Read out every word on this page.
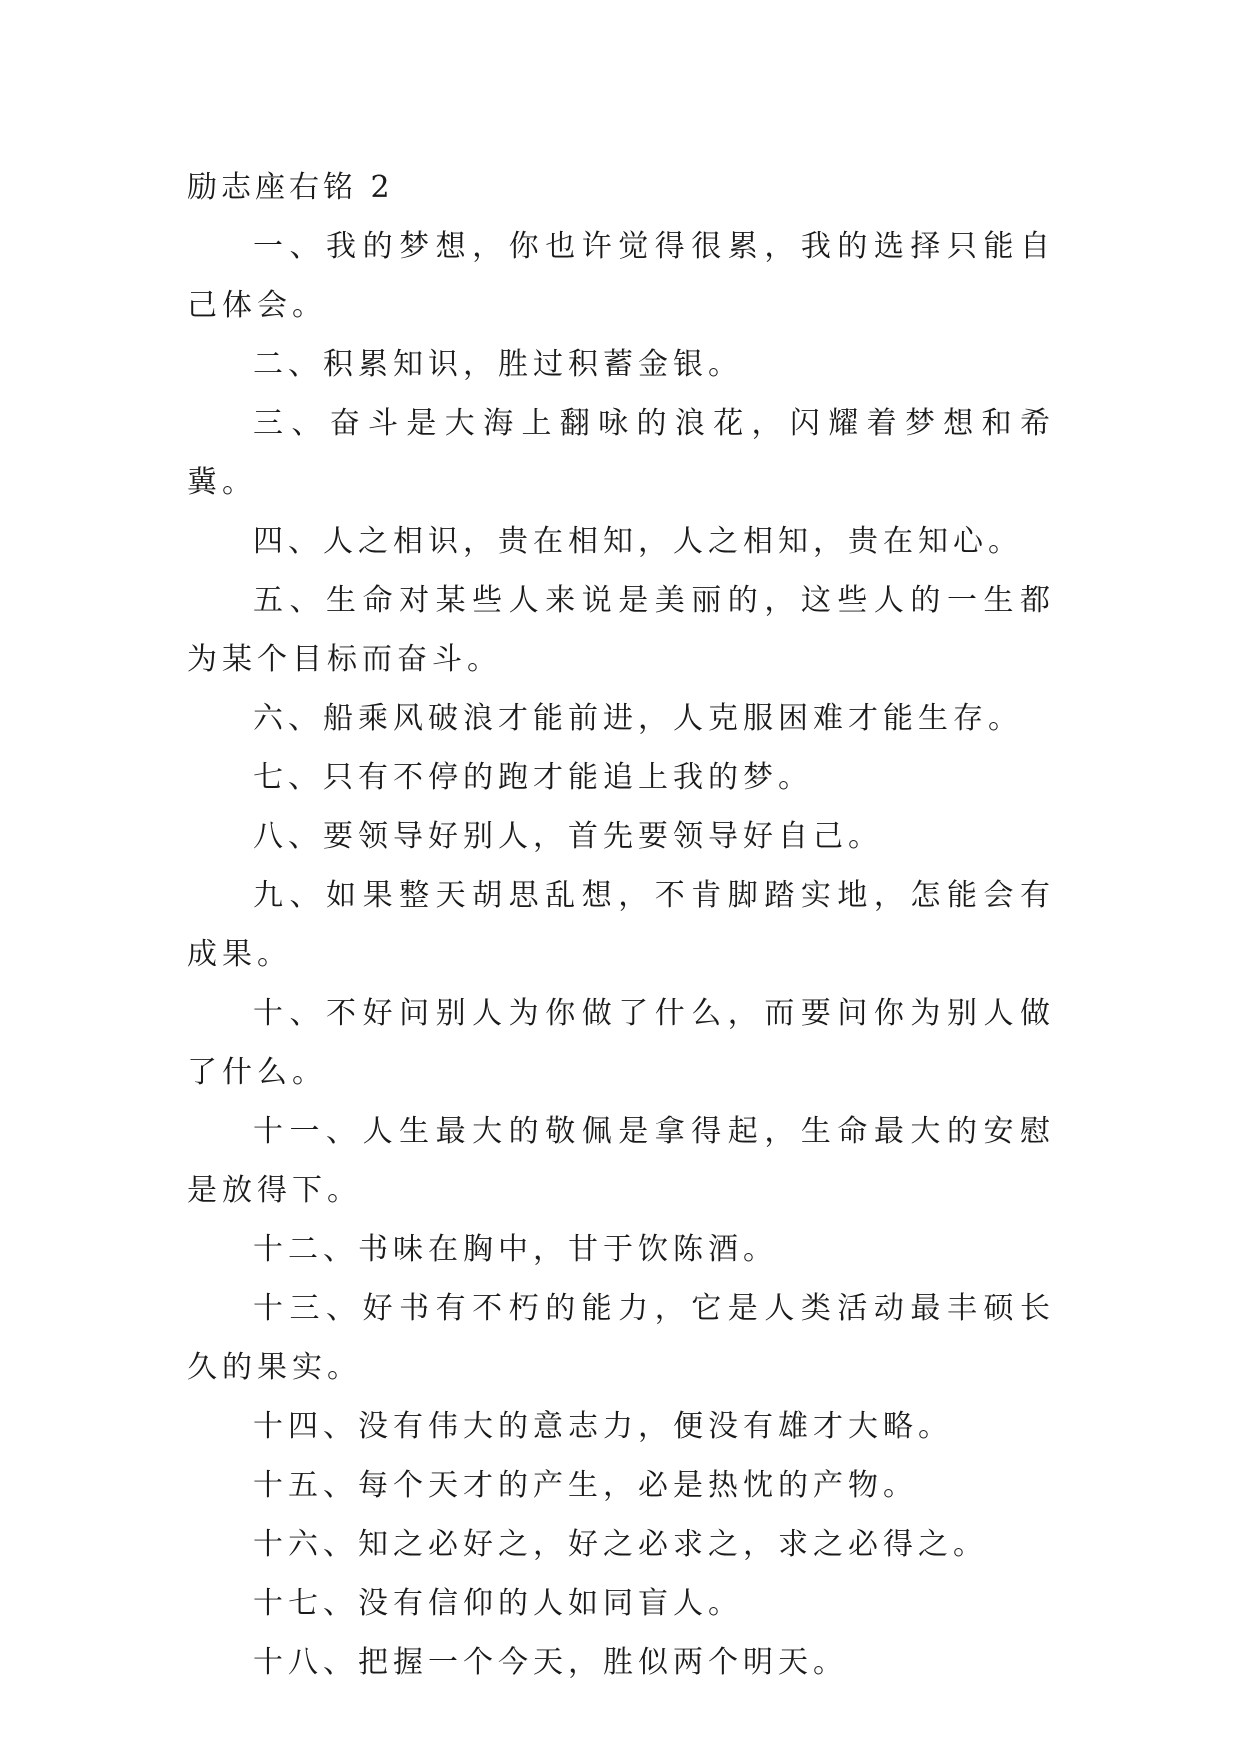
励志座右铭 2

一、我的梦想，你也许觉得很累，我的选择只能自己体会。

二、积累知识，胜过积蓄金银。

三、奋斗是大海上翻咏的浪花，闪耀着梦想和希冀。

四、人之相识，贵在相知，人之相知，贵在知心。

五、生命对某些人来说是美丽的，这些人的一生都为某个目标而奋斗。

六、船乘风破浪才能前进，人克服困难才能生存。

七、只有不停的跑才能追上我的梦。

八、要领导好别人，首先要领导好自己。

九、如果整天胡思乱想，不肯脚踏实地，怎能会有成果。

十、不好问别人为你做了什么，而要问你为别人做了什么。

十一、人生最大的敬佩是拿得起，生命最大的安慰是放得下。

十二、书味在胸中，甘于饮陈酒。

十三、好书有不朽的能力，它是人类活动最丰硕长久的果实。

十四、没有伟大的意志力，便没有雄才大略。

十五、每个天才的产生，必是热忱的产物。

十六、知之必好之，好之必求之，求之必得之。

十七、没有信仰的人如同盲人。

十八、把握一个今天，胜似两个明天。
